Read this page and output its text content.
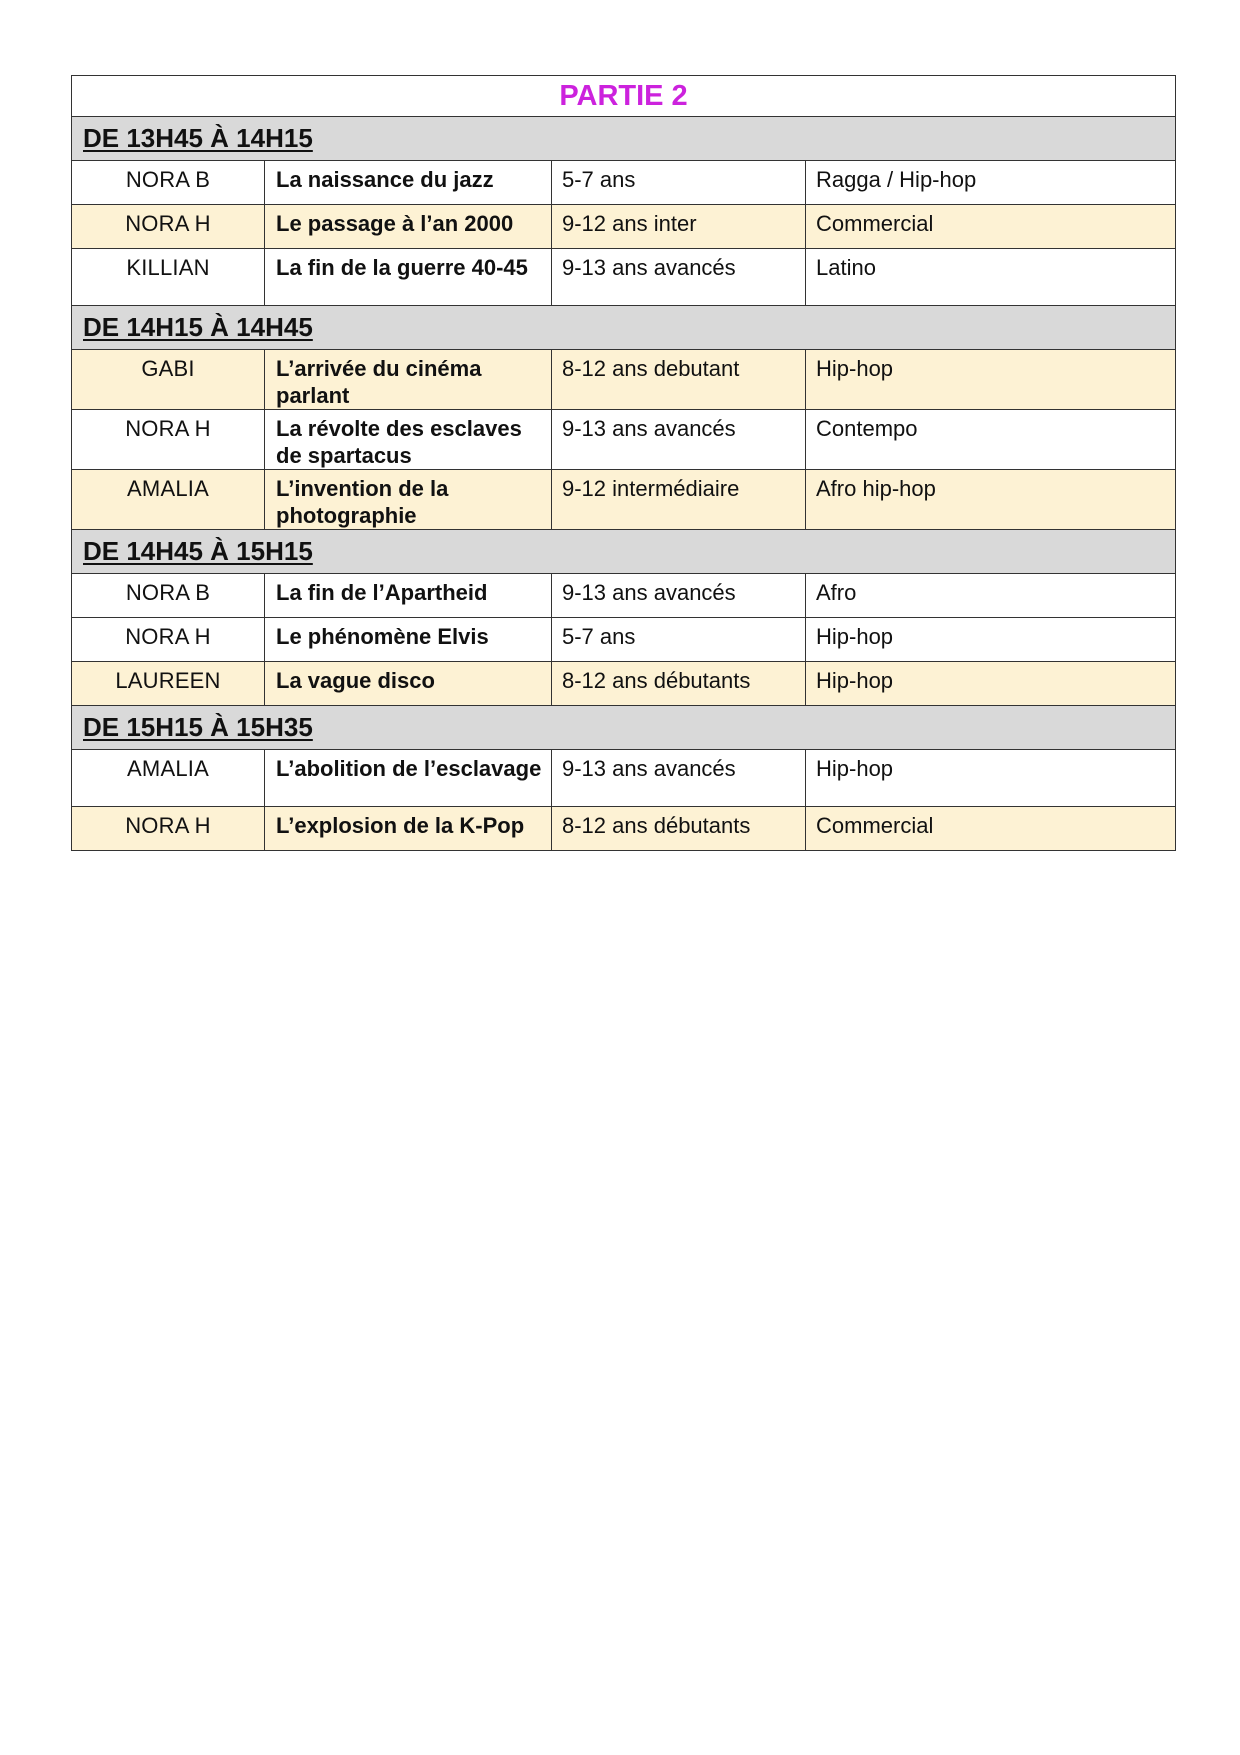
PARTIE 2			
DE 13H45 À 14H15			
NORA B	La naissance du jazz	5-7 ans	Ragga / Hip-hop
NORA H	Le passage à l’an 2000	9-12 ans inter	Commercial
KILLIAN	La fin de la guerre 40-45	9-13 ans avancés	Latino
DE 14H15 À 14H45			
GABI	L’arrivée du cinéma parlant	8-12 ans debutant	Hip-hop
NORA H	La révolte des esclaves de spartacus	9-13 ans avancés	Contempo
AMALIA	L’invention de la photographie	9-12 intermédiaire	Afro hip-hop
DE 14H45 À 15H15			
NORA B	La fin de l’Apartheid	9-13 ans avancés	Afro
NORA H	Le phénomène Elvis	5-7 ans	Hip-hop
LAUREEN	La vague disco	8-12 ans débutants	Hip-hop
DE 15H15 À 15H35			
AMALIA	L’abolition de l’esclavage	9-13 ans avancés	Hip-hop
NORA H	L’explosion de la K-Pop	8-12 ans débutants	Commercial
